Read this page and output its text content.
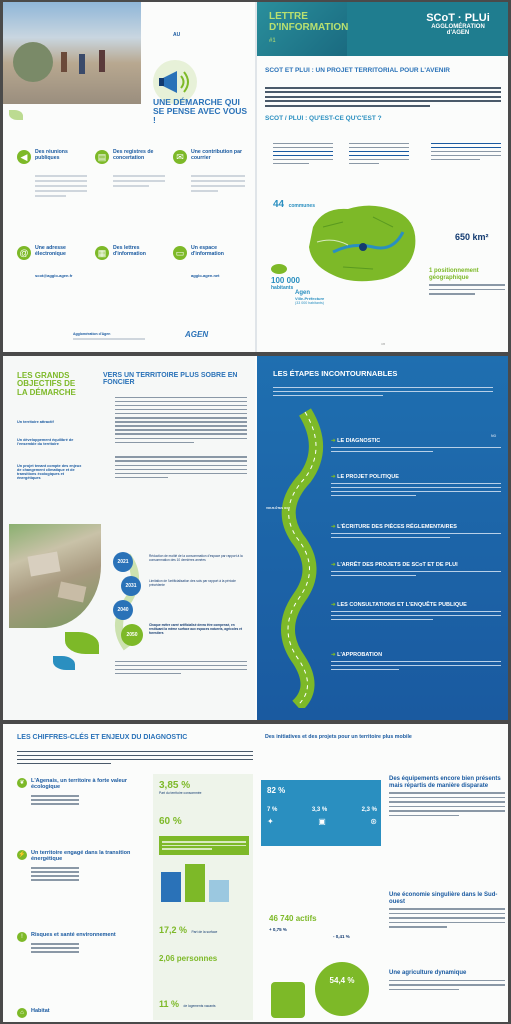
AU
UNE DÉMARCHE QUI SE PENSE AVEC VOUS !
◀	Des réunions publiques	▤	Des registres de concertation	✉	Une contribution par courrier
@	Une adresse électronique
scot@agglo-agen.fr
▦	Des lettres d'information	▭	Un espace d'information
agglo-agen.net
Agglomération d'Agen	AGEN
LETTRE D'INFORMATION
#1
SCoT · PLUi
AGGLOMÉRATION
d'AGEN
SCOT ET PLUI : UN PROJET TERRITORIAL POUR L'AVENIR
SCOT / PLUI : QU'EST-CE QU'C'EST ?
44 communes
650 km²
100 000
habitants
Agen
Ville-Préfecture
(33 000 habitants)
1 positionnement géographique
UB
LES GRANDS OBJECTIFS DE LA DÉMARCHE
Un territoire attractif
Un développement équilibré de l'ensemble du territoire
Un projet tenant compte des enjeux de changement climatique et de transitions écologiques et énergétiques
VERS UN TERRITOIRE PLUS SOBRE EN FONCIER
2021
2031
2040
2050
Réduction de moitié de la consommation d'espace par rapport à la consommation des 10 dernières années
Limitation de l'artificialisation des sols par rapport à la période précédente
Chaque mètre carré artificialisé devra être compensé, en restituant la même surface aux espaces naturels, agricoles et forestiers
LES ÉTAPES INCONTOURNABLES
VOUS ÊTES ICI
NO
➜ LE DIAGNOSTIC
➜ LE PROJET POLITIQUE
➜ L'ÉCRITURE DES PIÈCES RÉGLEMENTAIRES
➜ L'ARRÊT DES PROJETS DE SCoT ET DE PLUI
➜ LES CONSULTATIONS ET L'ENQUÊTE PUBLIQUE
➜ L'APPROBATION
LES CHIFFRES-CLÉS ET ENJEUX DU DIAGNOSTIC
❦	L'Agenais, un territoire à forte valeur écologique
⚡ Un territoire engagé dans la transition énergétique
!	Risques et santé environnement
⌂	Habitat
3,85 %
Part du territoire consommée
60 %
17,2 % Part de la surface
2,06 personnes
11 % de logements vacants
Des initiatives et des projets pour un territoire plus mobile
82 %
7 %	3,3 %	2,3 %
✦	▣	⊛
46 740 actifs
+ 0,75 %
- 0,41 %
54,4 %
Des équipements encore bien présents mais répartis de manière disparate
Une économie singulière dans le Sud-ouest
Une agriculture dynamique
